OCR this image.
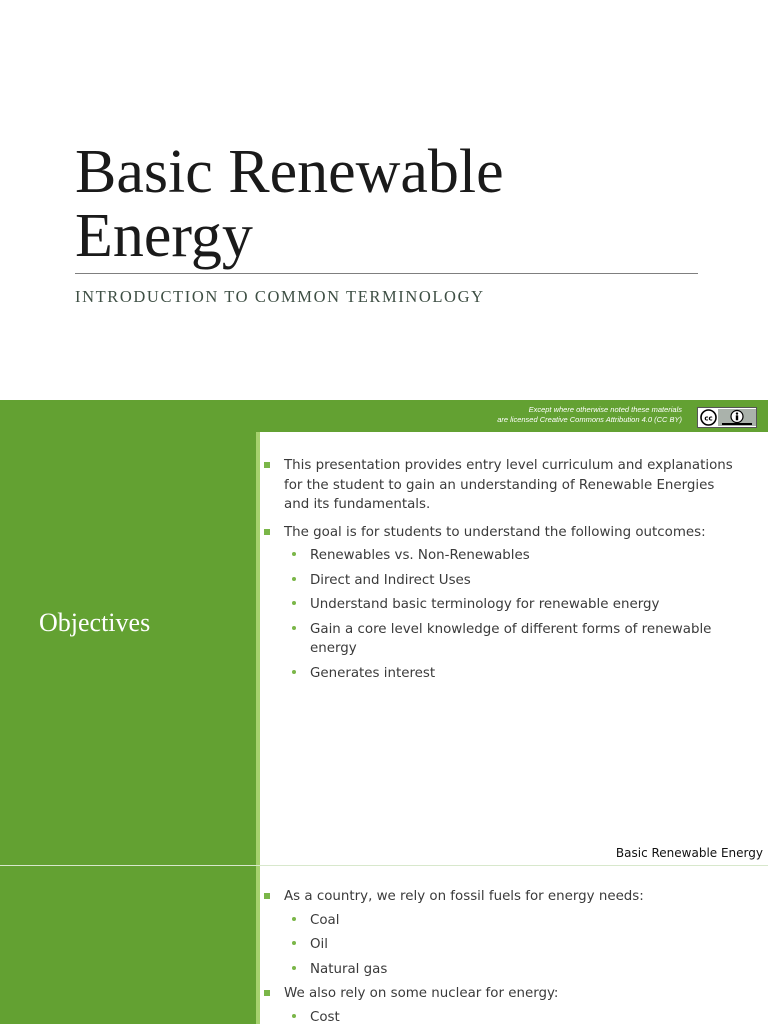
Basic Renewable Energy
INTRODUCTION TO COMMON TERMINOLOGY
Except where otherwise noted these materials
are licensed Creative Commons Attribution 4.0 (CC BY)	cc
Objectives
This presentation provides entry level curriculum and explanations for the student to gain an understanding of Renewable Energies and its fundamentals.
The goal is for students to understand the following outcomes:
Renewables vs. Non-Renewables
Direct and Indirect Uses
Understand basic terminology for renewable energy
Gain a core level knowledge of different forms of renewable energy
Generates interest
Basic Renewable Energy
As a country, we rely on fossil fuels for energy needs:
Coal
Oil
Natural gas
We also rely on some nuclear for energy:
Cost
